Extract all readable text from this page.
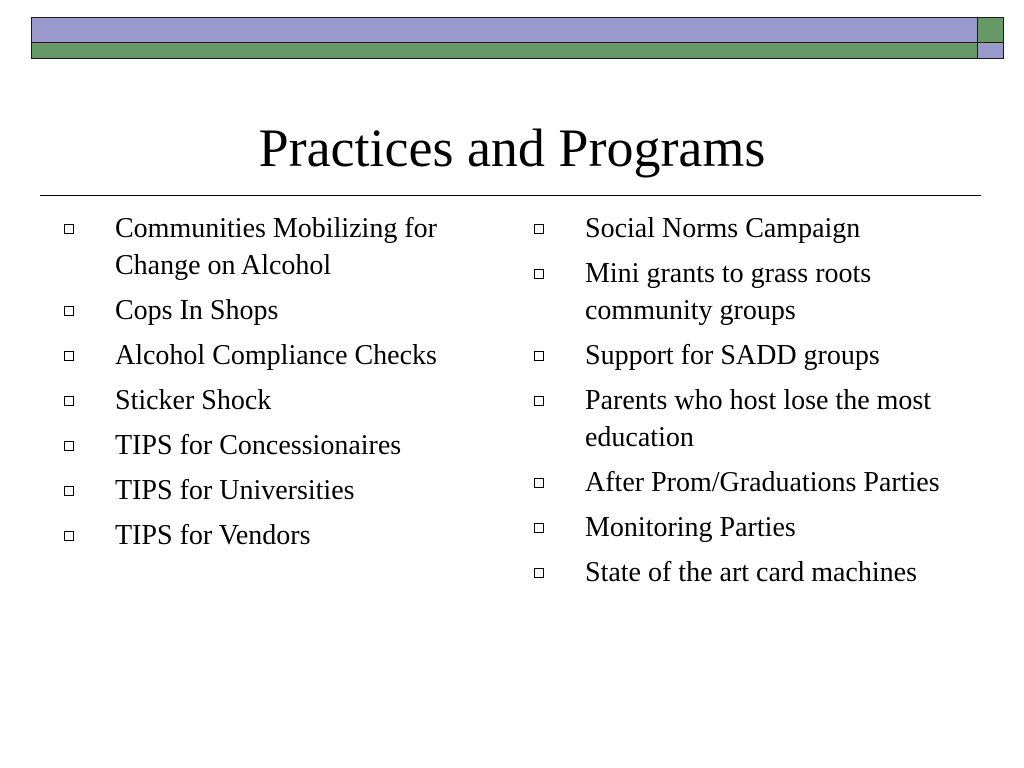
Practices and Programs
Communities Mobilizing for Change on Alcohol
Cops In Shops
Alcohol Compliance Checks
Sticker Shock
TIPS for Concessionaires
TIPS for Universities
TIPS for Vendors
Social Norms Campaign
Mini grants to grass roots community groups
Support for SADD groups
Parents who host lose the most education
After Prom/Graduations Parties
Monitoring Parties
State of the art card machines
